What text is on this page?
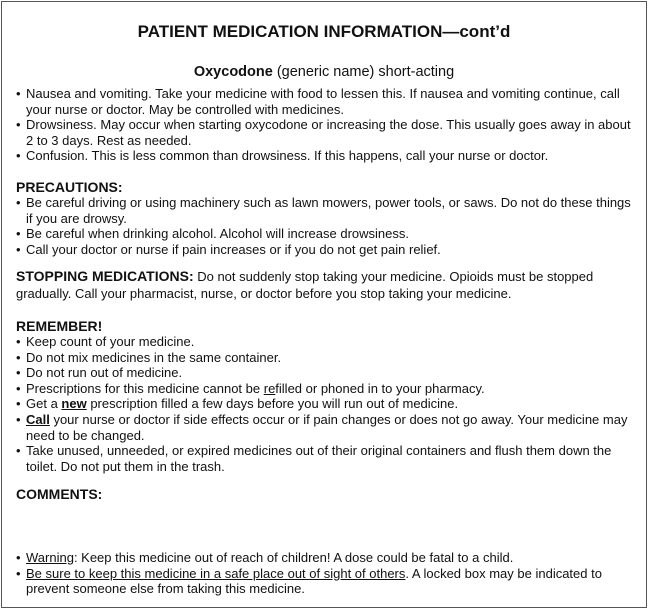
PATIENT MEDICATION INFORMATION—cont’d
Oxycodone (generic name) short-acting
• Nausea and vomiting. Take your medicine with food to lessen this. If nausea and vomiting continue, call your nurse or doctor. May be controlled with medicines.
• Drowsiness. May occur when starting oxycodone or increasing the dose. This usually goes away in about 2 to 3 days. Rest as needed.
• Confusion. This is less common than drowsiness. If this happens, call your nurse or doctor.
PRECAUTIONS:
• Be careful driving or using machinery such as lawn mowers, power tools, or saws. Do not do these things if you are drowsy.
• Be careful when drinking alcohol. Alcohol will increase drowsiness.
• Call your doctor or nurse if pain increases or if you do not get pain relief.
STOPPING MEDICATIONS: Do not suddenly stop taking your medicine. Opioids must be stopped gradually. Call your pharmacist, nurse, or doctor before you stop taking your medicine.
REMEMBER!
• Keep count of your medicine.
• Do not mix medicines in the same container.
• Do not run out of medicine.
• Prescriptions for this medicine cannot be refilled or phoned in to your pharmacy.
• Get a new prescription filled a few days before you will run out of medicine.
• Call your nurse or doctor if side effects occur or if pain changes or does not go away. Your medicine may need to be changed.
• Take unused, unneeded, or expired medicines out of their original containers and flush them down the toilet. Do not put them in the trash.
COMMENTS:
• Warning: Keep this medicine out of reach of children! A dose could be fatal to a child.
• Be sure to keep this medicine in a safe place out of sight of others. A locked box may be indicated to prevent someone else from taking this medicine.
